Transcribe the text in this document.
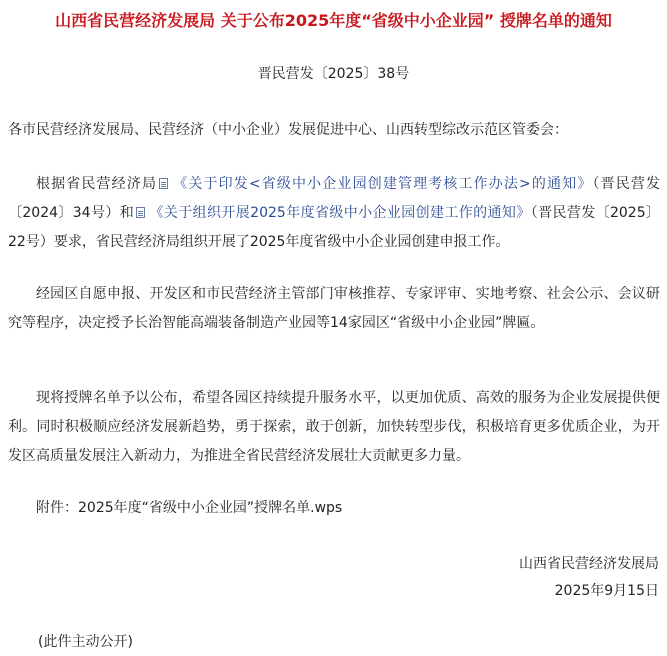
山西省民营经济发展局 关于公布2025年度“省级中小企业园” 授牌名单的通知
晋民营发〔2025〕38号
各市民营经济发展局、民营经济（中小企业）发展促进中心、山西转型综改示范区管委会：
根据省民营经济局 《关于印发<省级中小企业园创建管理考核工作办法>的通知》（晋民营发〔2024〕34号）和 《关于组织开展2025年度省级中小企业园创建工作的通知》（晋民营发〔2025〕22号）要求，省民营经济局组织开展了2025年度省级中小企业园创建申报工作。
经园区自愿申报、开发区和市民营经济主管部门审核推荐、专家评审、实地考察、社会公示、会议研究等程序，决定授予长治智能高端装备制造产业园等14家园区“省级中小企业园”牌匾。
现将授牌名单予以公布，希望各园区持续提升服务水平，以更加优质、高效的服务为企业发展提供便利。同时积极顺应经济发展新趋势，勇于探索，敢于创新，加快转型步伐，积极培育更多优质企业，为开发区高质量发展注入新动力，为推进全省民营经济发展壮大贡献更多力量。
附件：2025年度“省级中小企业园”授牌名单.wps
山西省民营经济发展局
2025年9月15日
(此件主动公开)
